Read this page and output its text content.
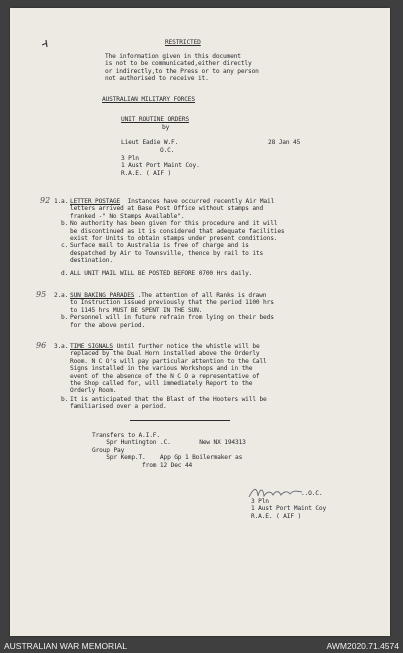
RESTRICTED
The information given in this document
is not to be communicated,either directly
or indirectly,to the Press or to any person
not authorised to receive it.
AUSTRALIAN MILITARY FORCES
UNIT ROUTINE ORDERS
by
Lieut Eadie W.F.	28 Jan 45
O.C.
3 Pln
1 Aust Port Maint Coy.
R.A.E. ( AIF )
92 1. a. LETTER POSTAGE Instances have occurred recently Air Mail
letters arrived at Base Post Office without stamps and
franked -" No Stamps Available".
b. No authority has been given for this procedure and it will
be discontinued as it is considered that adequate facilities
exist for Units to obtain stamps under present conditions.
c. Surface mail to Australia is free of charge and is
despatched by Air to Townsville, thence by rail to its
destination.
d. ALL UNIT MAIL WILL BE POSTED BEFORE 0700 Hrs daily.
95 2. a. SUN BAKING PARADES .The attention of all Ranks is drawn
to Instruction issued previously that the period 1100 hrs
to 1145 hrs MUST BE SPENT IN THE SUN.
b. Personnel will in future refrain from lying on their beds
for the above period.
96 3. a. TIME SIGNALS Until further notice the whistle will be
replaced by the Dual Horn installed above the Orderly
Room. N C O's will pay particular attention to the Call
Signs installed in the various Workshops and in the
event of the absence of the N C O a representative of
the Shop called for, will immediately Report to the
Orderly Room.
b. It is anticipated that the Blast of the Hooters will be
familiarised over a period.
Transfers to A.I.F.
Spr Huntington .C.        New NX 194313
Group Pay
Spr Kemp.T.    App Gp 1 Boilermaker as
from 12 Dec 44
..O.C.
3 Pln
1 Aust Port Maint Coy
R.A.E. ( AIF )
AUSTRALIAN WAR MEMORIAL	AWM2020.71.4574
